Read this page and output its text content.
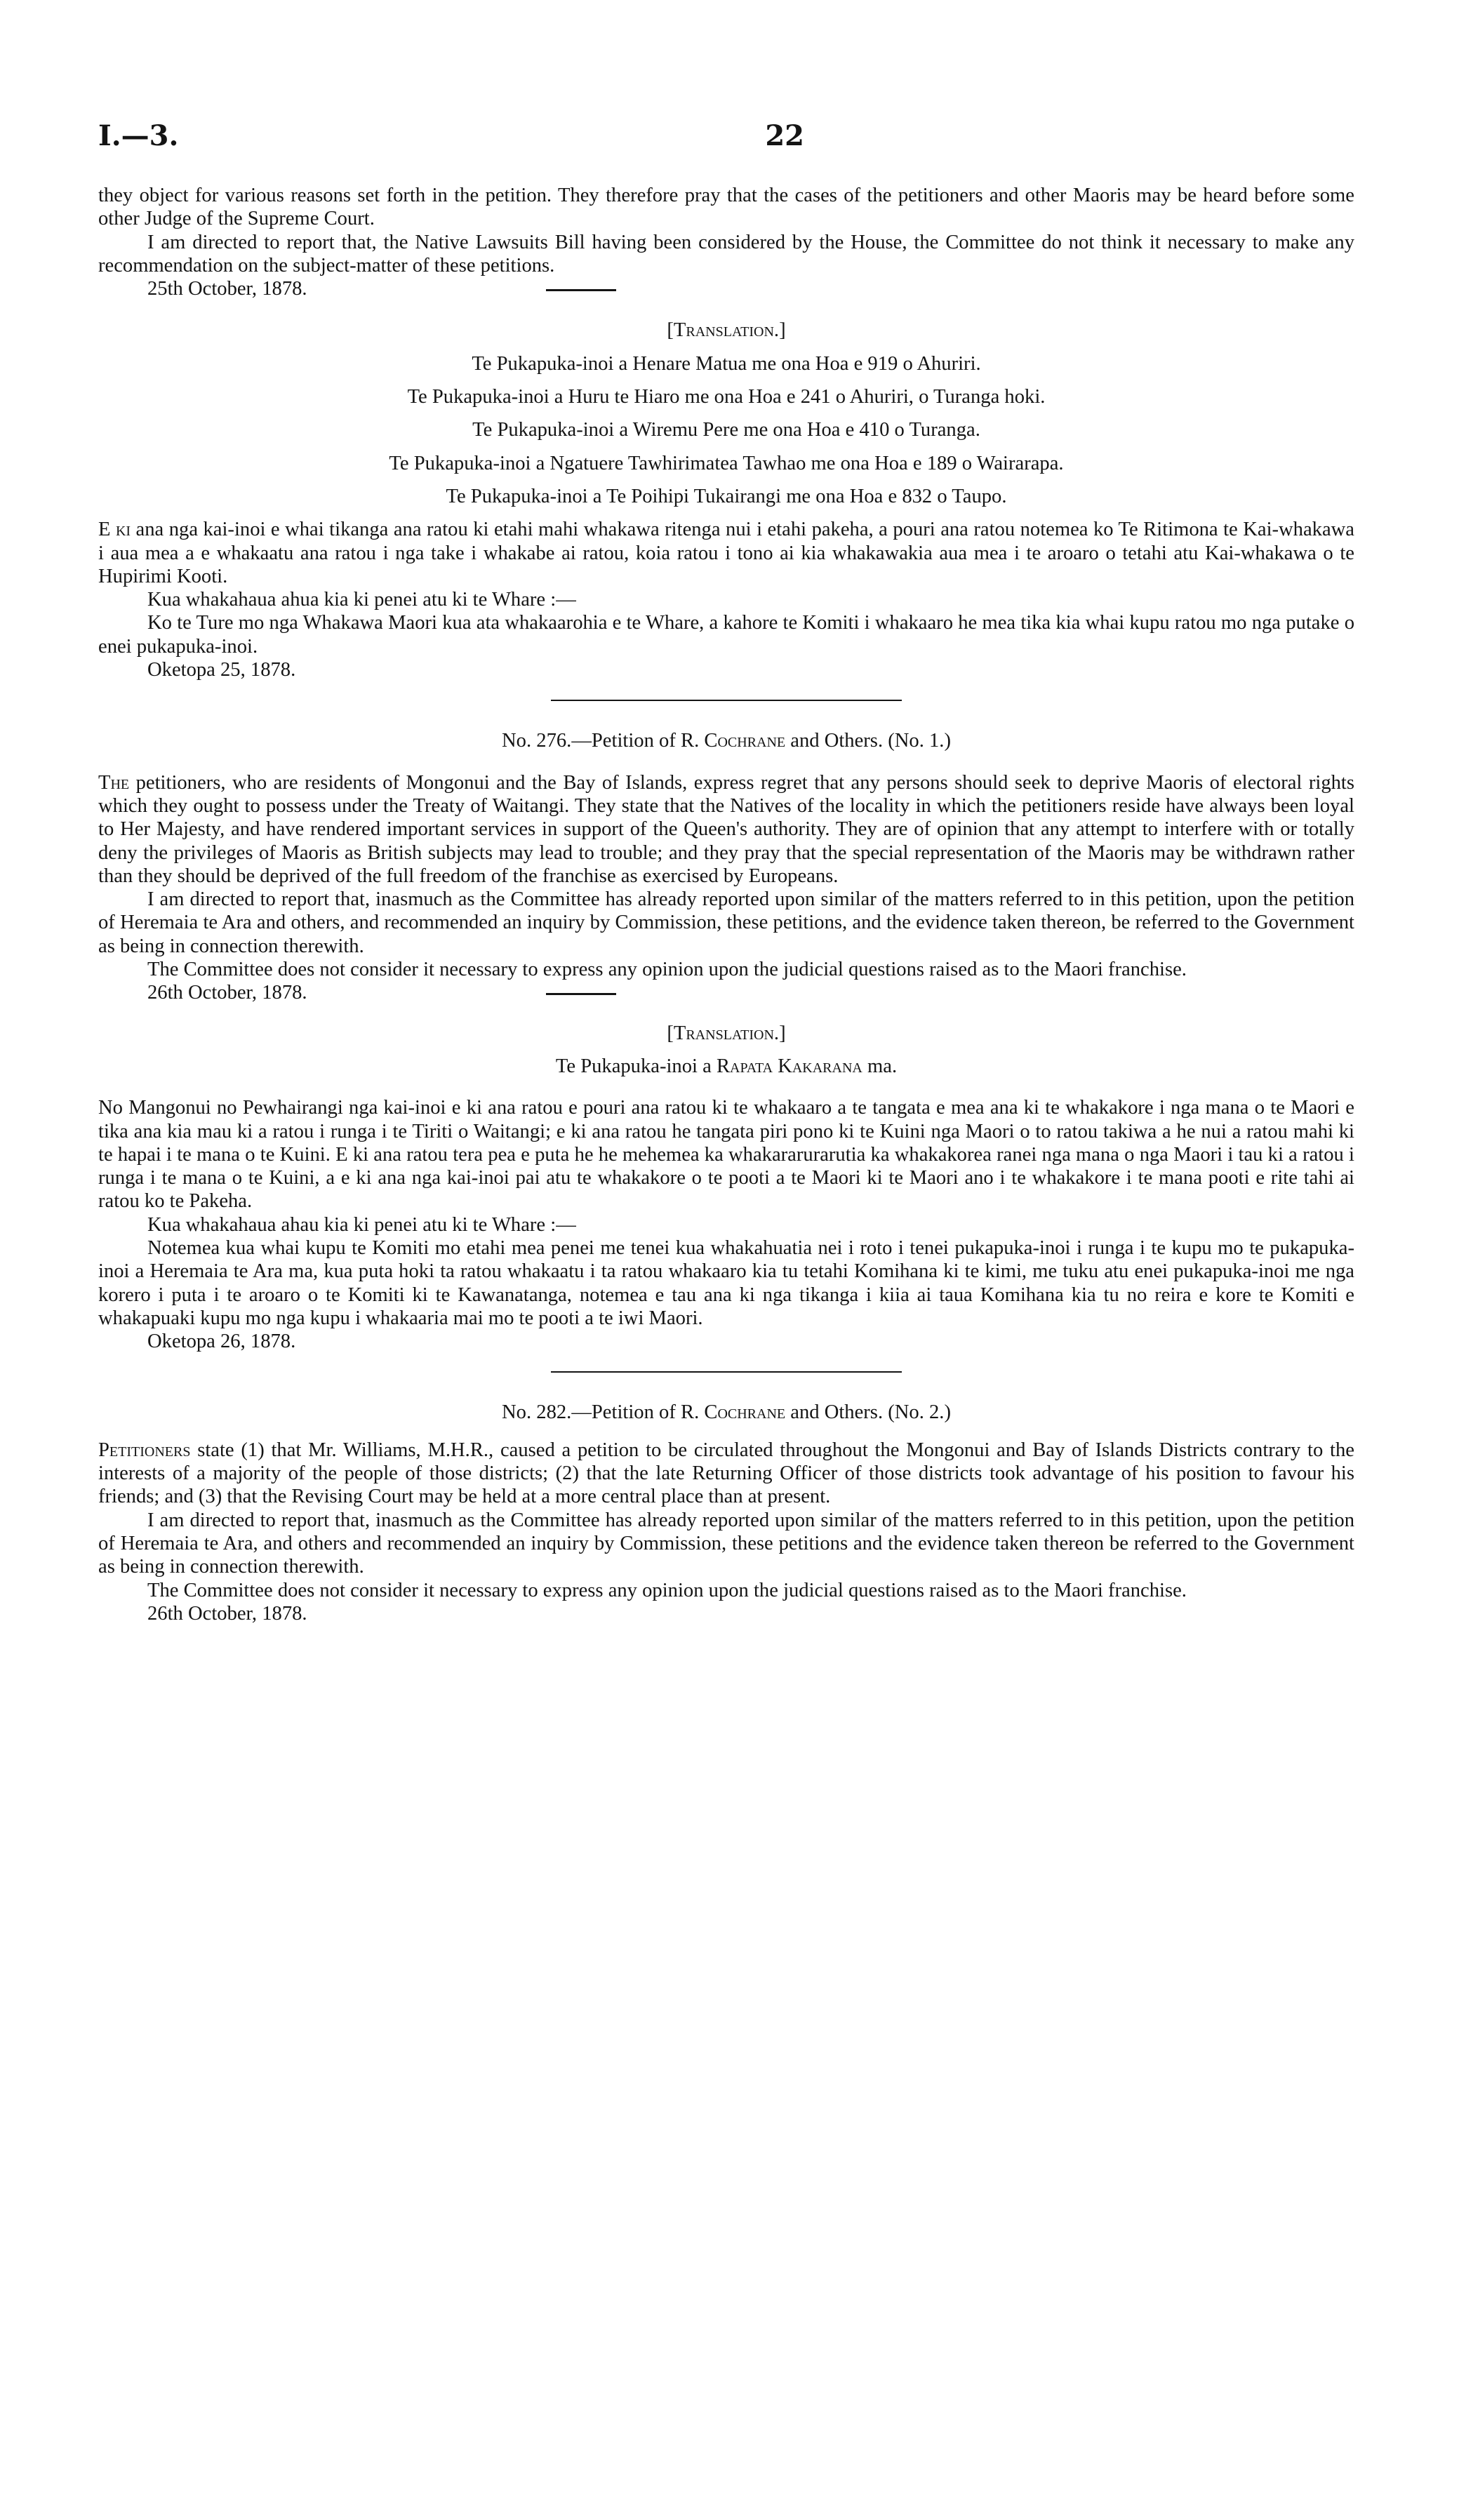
I.—3.	22

they object for various reasons set forth in the petition. They therefore pray that the cases of the petitioners and other Maoris may be heard before some other Judge of the Supreme Court.

I am directed to report that, the Native Lawsuits Bill having been considered by the House, the Committee do not think it necessary to make any recommendation on the subject-matter of these petitions.

25th October, 1878.

[Translation.]

Te Pukapuka-inoi a Henare Matua me ona Hoa e 919 o Ahuriri.

Te Pukapuka-inoi a Huru te Hiaro me ona Hoa e 241 o Ahuriri, o Turanga hoki.

Te Pukapuka-inoi a Wiremu Pere me ona Hoa e 410 o Turanga.

Te Pukapuka-inoi a Ngatuere Tawhirimatea Tawhao me ona Hoa e 189 o Wairarapa.

Te Pukapuka-inoi a Te Poihipi Tukairangi me ona Hoa e 832 o Taupo.

E ki ana nga kai-inoi e whai tikanga ana ratou ki etahi mahi whakawa ritenga nui i etahi pakeha, a pouri ana ratou notemea ko Te Ritimona te Kai-whakawa i aua mea a e whakaatu ana ratou i nga take i whakabe ai ratou, koia ratou i tono ai kia whakawakia aua mea i te aroaro o tetahi atu Kai-whakawa o te Hupirimi Kooti.

Kua whakahaua ahua kia ki penei atu ki te Whare :—

Ko te Ture mo nga Whakawa Maori kua ata whakaarohia e te Whare, a kahore te Komiti i whakaaro he mea tika kia whai kupu ratou mo nga putake o enei pukapuka-inoi.

Oketopa 25, 1878.

No. 276.—Petition of R. Cochrane and Others. (No. 1.)

The petitioners, who are residents of Mongonui and the Bay of Islands, express regret that any persons should seek to deprive Maoris of electoral rights which they ought to possess under the Treaty of Waitangi. They state that the Natives of the locality in which the petitioners reside have always been loyal to Her Majesty, and have rendered important services in support of the Queen's authority. They are of opinion that any attempt to interfere with or totally deny the privileges of Maoris as British subjects may lead to trouble; and they pray that the special representation of the Maoris may be withdrawn rather than they should be deprived of the full freedom of the franchise as exercised by Europeans.

I am directed to report that, inasmuch as the Committee has already reported upon similar of the matters referred to in this petition, upon the petition of Heremaia te Ara and others, and recommended an inquiry by Commission, these petitions, and the evidence taken thereon, be referred to the Government as being in connection therewith.

The Committee does not consider it necessary to express any opinion upon the judicial questions raised as to the Maori franchise.

26th October, 1878.

[Translation.]

Te Pukapuka-inoi a Rapata Kakarana ma.

No Mangonui no Pewhairangi nga kai-inoi e ki ana ratou e pouri ana ratou ki te whakaaro a te tangata e mea ana ki te whakakore i nga mana o te Maori e tika ana kia mau ki a ratou i runga i te Tiriti o Waitangi; e ki ana ratou he tangata piri pono ki te Kuini nga Maori o to ratou takiwa a he nui a ratou mahi ki te hapai i te mana o te Kuini. E ki ana ratou tera pea e puta he he mehemea ka whakararurarutia ka whakakorea ranei nga mana o nga Maori i tau ki a ratou i runga i te mana o te Kuini, a e ki ana nga kai-inoi pai atu te whakakore o te pooti a te Maori ki te Maori ano i te whakakore i te mana pooti e rite tahi ai ratou ko te Pakeha.

Kua whakahaua ahau kia ki penei atu ki te Whare :—

Notemea kua whai kupu te Komiti mo etahi mea penei me tenei kua whakahuatia nei i roto i tenei pukapuka-inoi i runga i te kupu mo te pukapuka-inoi a Heremaia te Ara ma, kua puta hoki ta ratou whakaatu i ta ratou whakaaro kia tu tetahi Komihana ki te kimi, me tuku atu enei pukapuka-inoi me nga korero i puta i te aroaro o te Komiti ki te Kawanatanga, notemea e tau ana ki nga tikanga i kiia ai taua Komihana kia tu no reira e kore te Komiti e whakapuaki kupu mo nga kupu i whakaaria mai mo te pooti a te iwi Maori.

Oketopa 26, 1878.

No. 282.—Petition of R. Cochrane and Others. (No. 2.)

Petitioners state (1) that Mr. Williams, M.H.R., caused a petition to be circulated throughout the Mongonui and Bay of Islands Districts contrary to the interests of a majority of the people of those districts; (2) that the late Returning Officer of those districts took advantage of his position to favour his friends; and (3) that the Revising Court may be held at a more central place than at present.

I am directed to report that, inasmuch as the Committee has already reported upon similar of the matters referred to in this petition, upon the petition of Heremaia te Ara, and others and recommended an inquiry by Commission, these petitions and the evidence taken thereon be referred to the Government as being in connection therewith.

The Committee does not consider it necessary to express any opinion upon the judicial questions raised as to the Maori franchise.

26th October, 1878.
